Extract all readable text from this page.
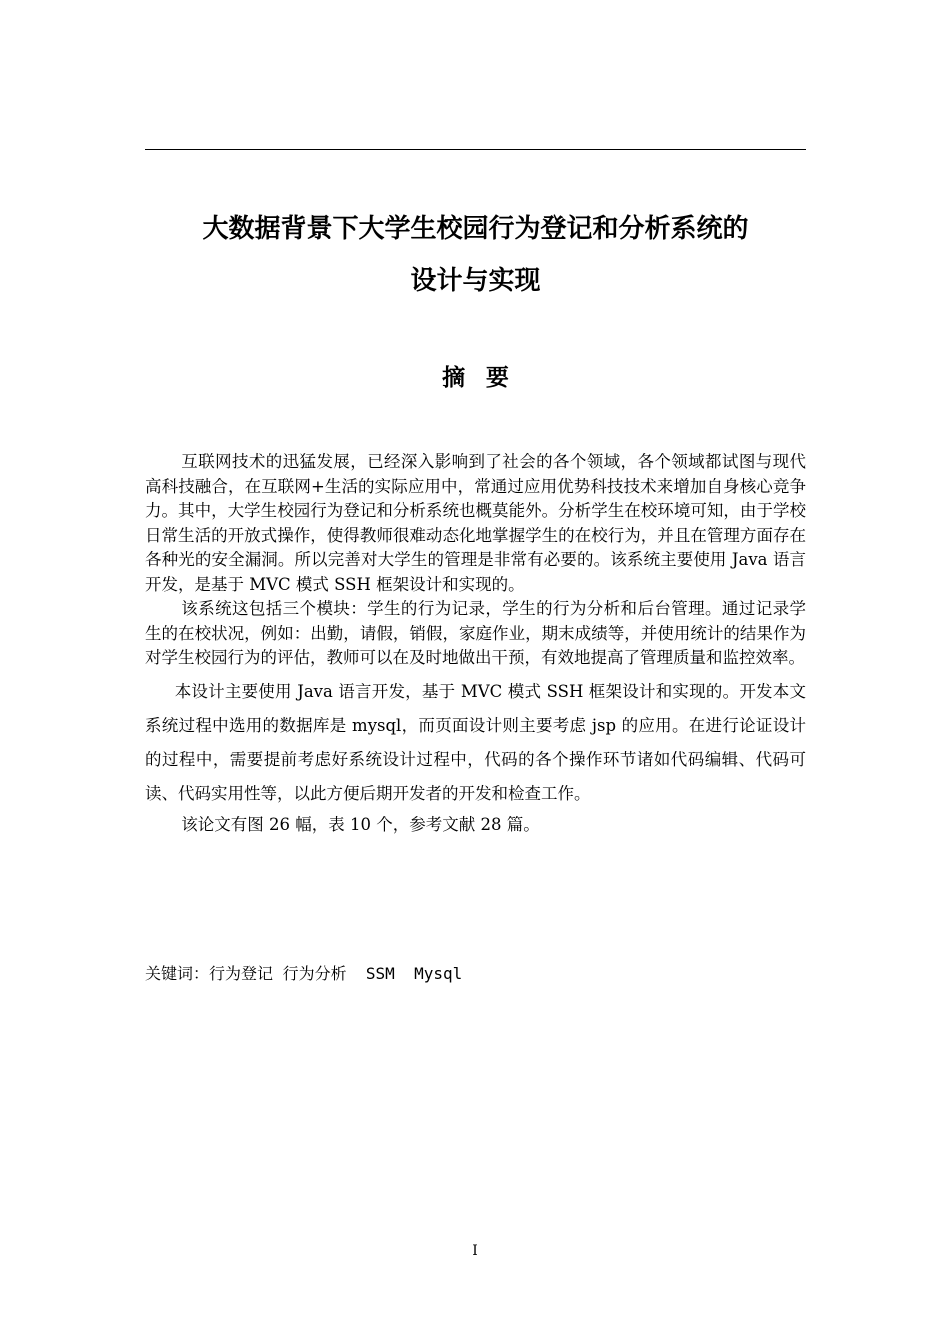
大数据背景下大学生校园行为登记和分析系统的
设计与实现
摘要

互联网技术的迅猛发展，已经深入影响到了社会的各个领域，各个领域都试图与现代高科技融合，在互联网+生活的实际应用中，常通过应用优势科技技术来增加自身核心竞争力。其中，大学生校园行为登记和分析系统也概莫能外。分析学生在校环境可知，由于学校日常生活的开放式操作，使得教师很难动态化地掌握学生的在校行为，并且在管理方面存在各种光的安全漏洞。所以完善对大学生的管理是非常有必要的。该系统主要使用 Java 语言开发，是基于 MVC 模式 SSH 框架设计和实现的。

该系统这包括三个模块：学生的行为记录，学生的行为分析和后台管理。通过记录学生的在校状况，例如：出勤，请假，销假，家庭作业，期末成绩等，并使用统计的结果作为对学生校园行为的评估，教师可以在及时地做出干预，有效地提高了管理质量和监控效率。

本设计主要使用 Java 语言开发，基于 MVC 模式 SSH 框架设计和实现的。开发本文系统过程中选用的数据库是 mysql，而页面设计则主要考虑 jsp 的应用。在进行论证设计的过程中，需要提前考虑好系统设计过程中，代码的各个操作环节诸如代码编辑、代码可读、代码实用性等，以此方便后期开发者的开发和检查工作。

该论文有图 26 幅，表 10 个，参考文献 28 篇。

关键词：行为登记 行为分析  SSM  Mysql
I
